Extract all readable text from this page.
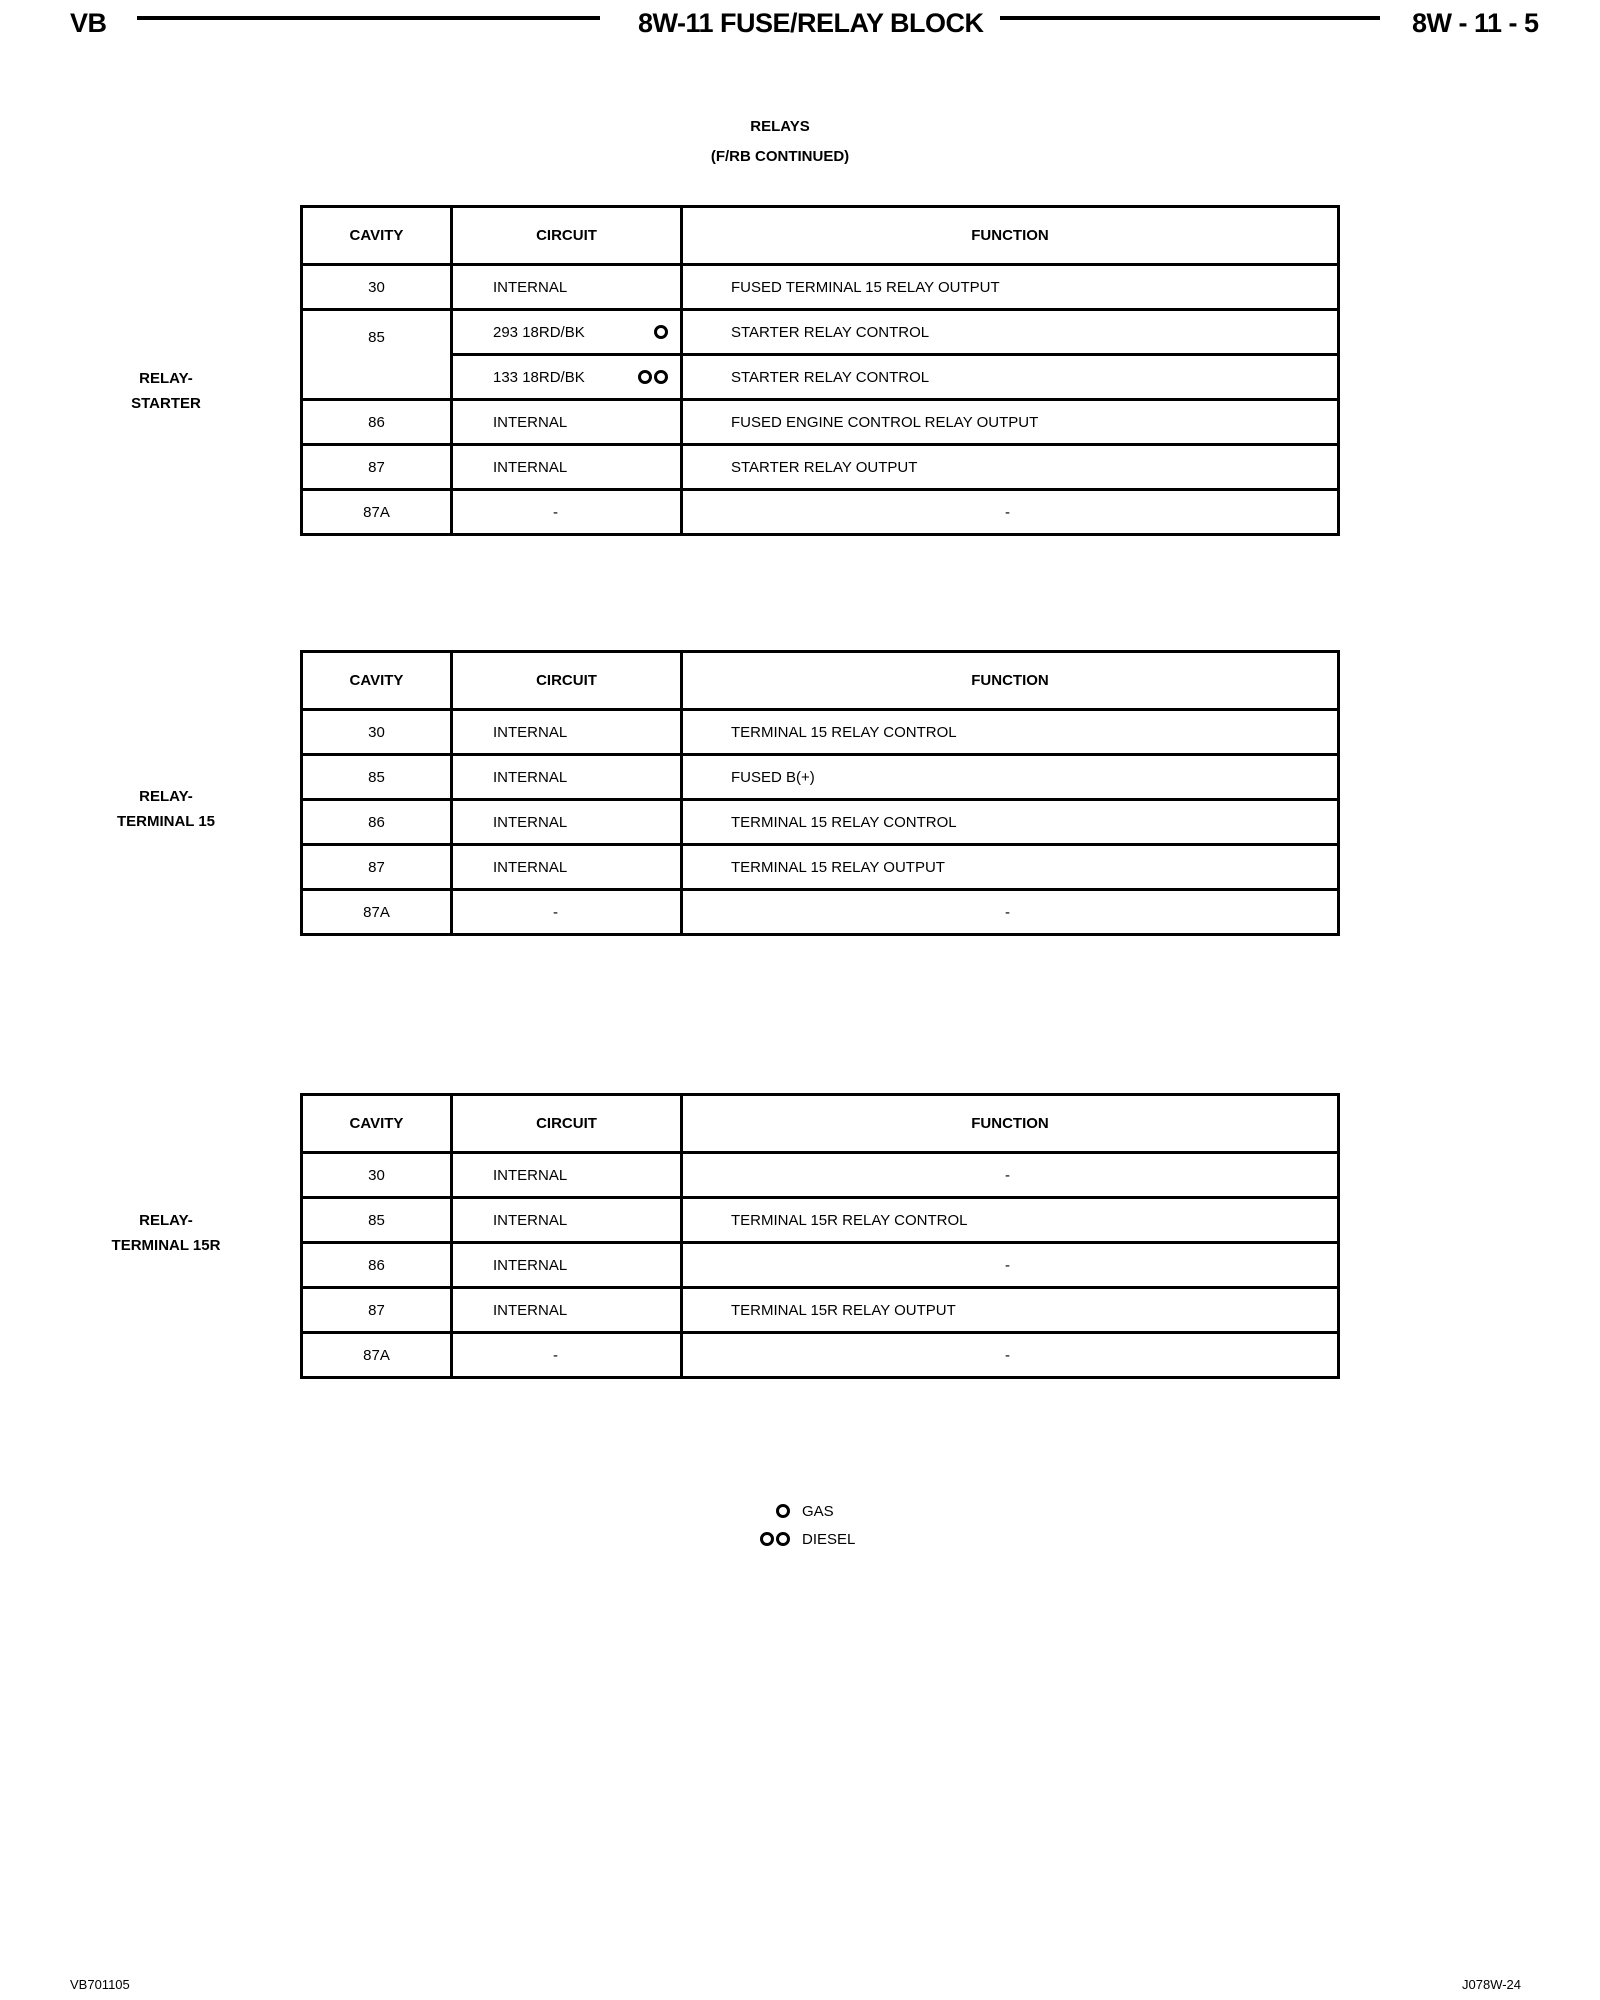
VB	8W-11 FUSE/RELAY BLOCK	8W - 11 - 5
RELAYS
(F/RB CONTINUED)
RELAY-
STARTER
CAVITY	CIRCUIT	FUNCTION
30	INTERNAL	FUSED TERMINAL 15 RELAY OUTPUT
85	293 18RD/BK	STARTER RELAY CONTROL
	133 18RD/BK	STARTER RELAY CONTROL
86	INTERNAL	FUSED ENGINE CONTROL RELAY OUTPUT
87	INTERNAL	STARTER RELAY OUTPUT
87A	-	-
RELAY-
TERMINAL 15
CAVITY	CIRCUIT	FUNCTION
30	INTERNAL	TERMINAL 15 RELAY CONTROL
85	INTERNAL	FUSED B(+)
86	INTERNAL	TERMINAL 15 RELAY CONTROL
87	INTERNAL	TERMINAL 15 RELAY OUTPUT
87A	-	-
RELAY-
TERMINAL 15R
CAVITY	CIRCUIT	FUNCTION
30	INTERNAL	-
85	INTERNAL	TERMINAL 15R RELAY CONTROL
86	INTERNAL	-
87	INTERNAL	TERMINAL 15R RELAY OUTPUT
87A	-	-
GAS
DIESEL
VB701105	J078W-24
